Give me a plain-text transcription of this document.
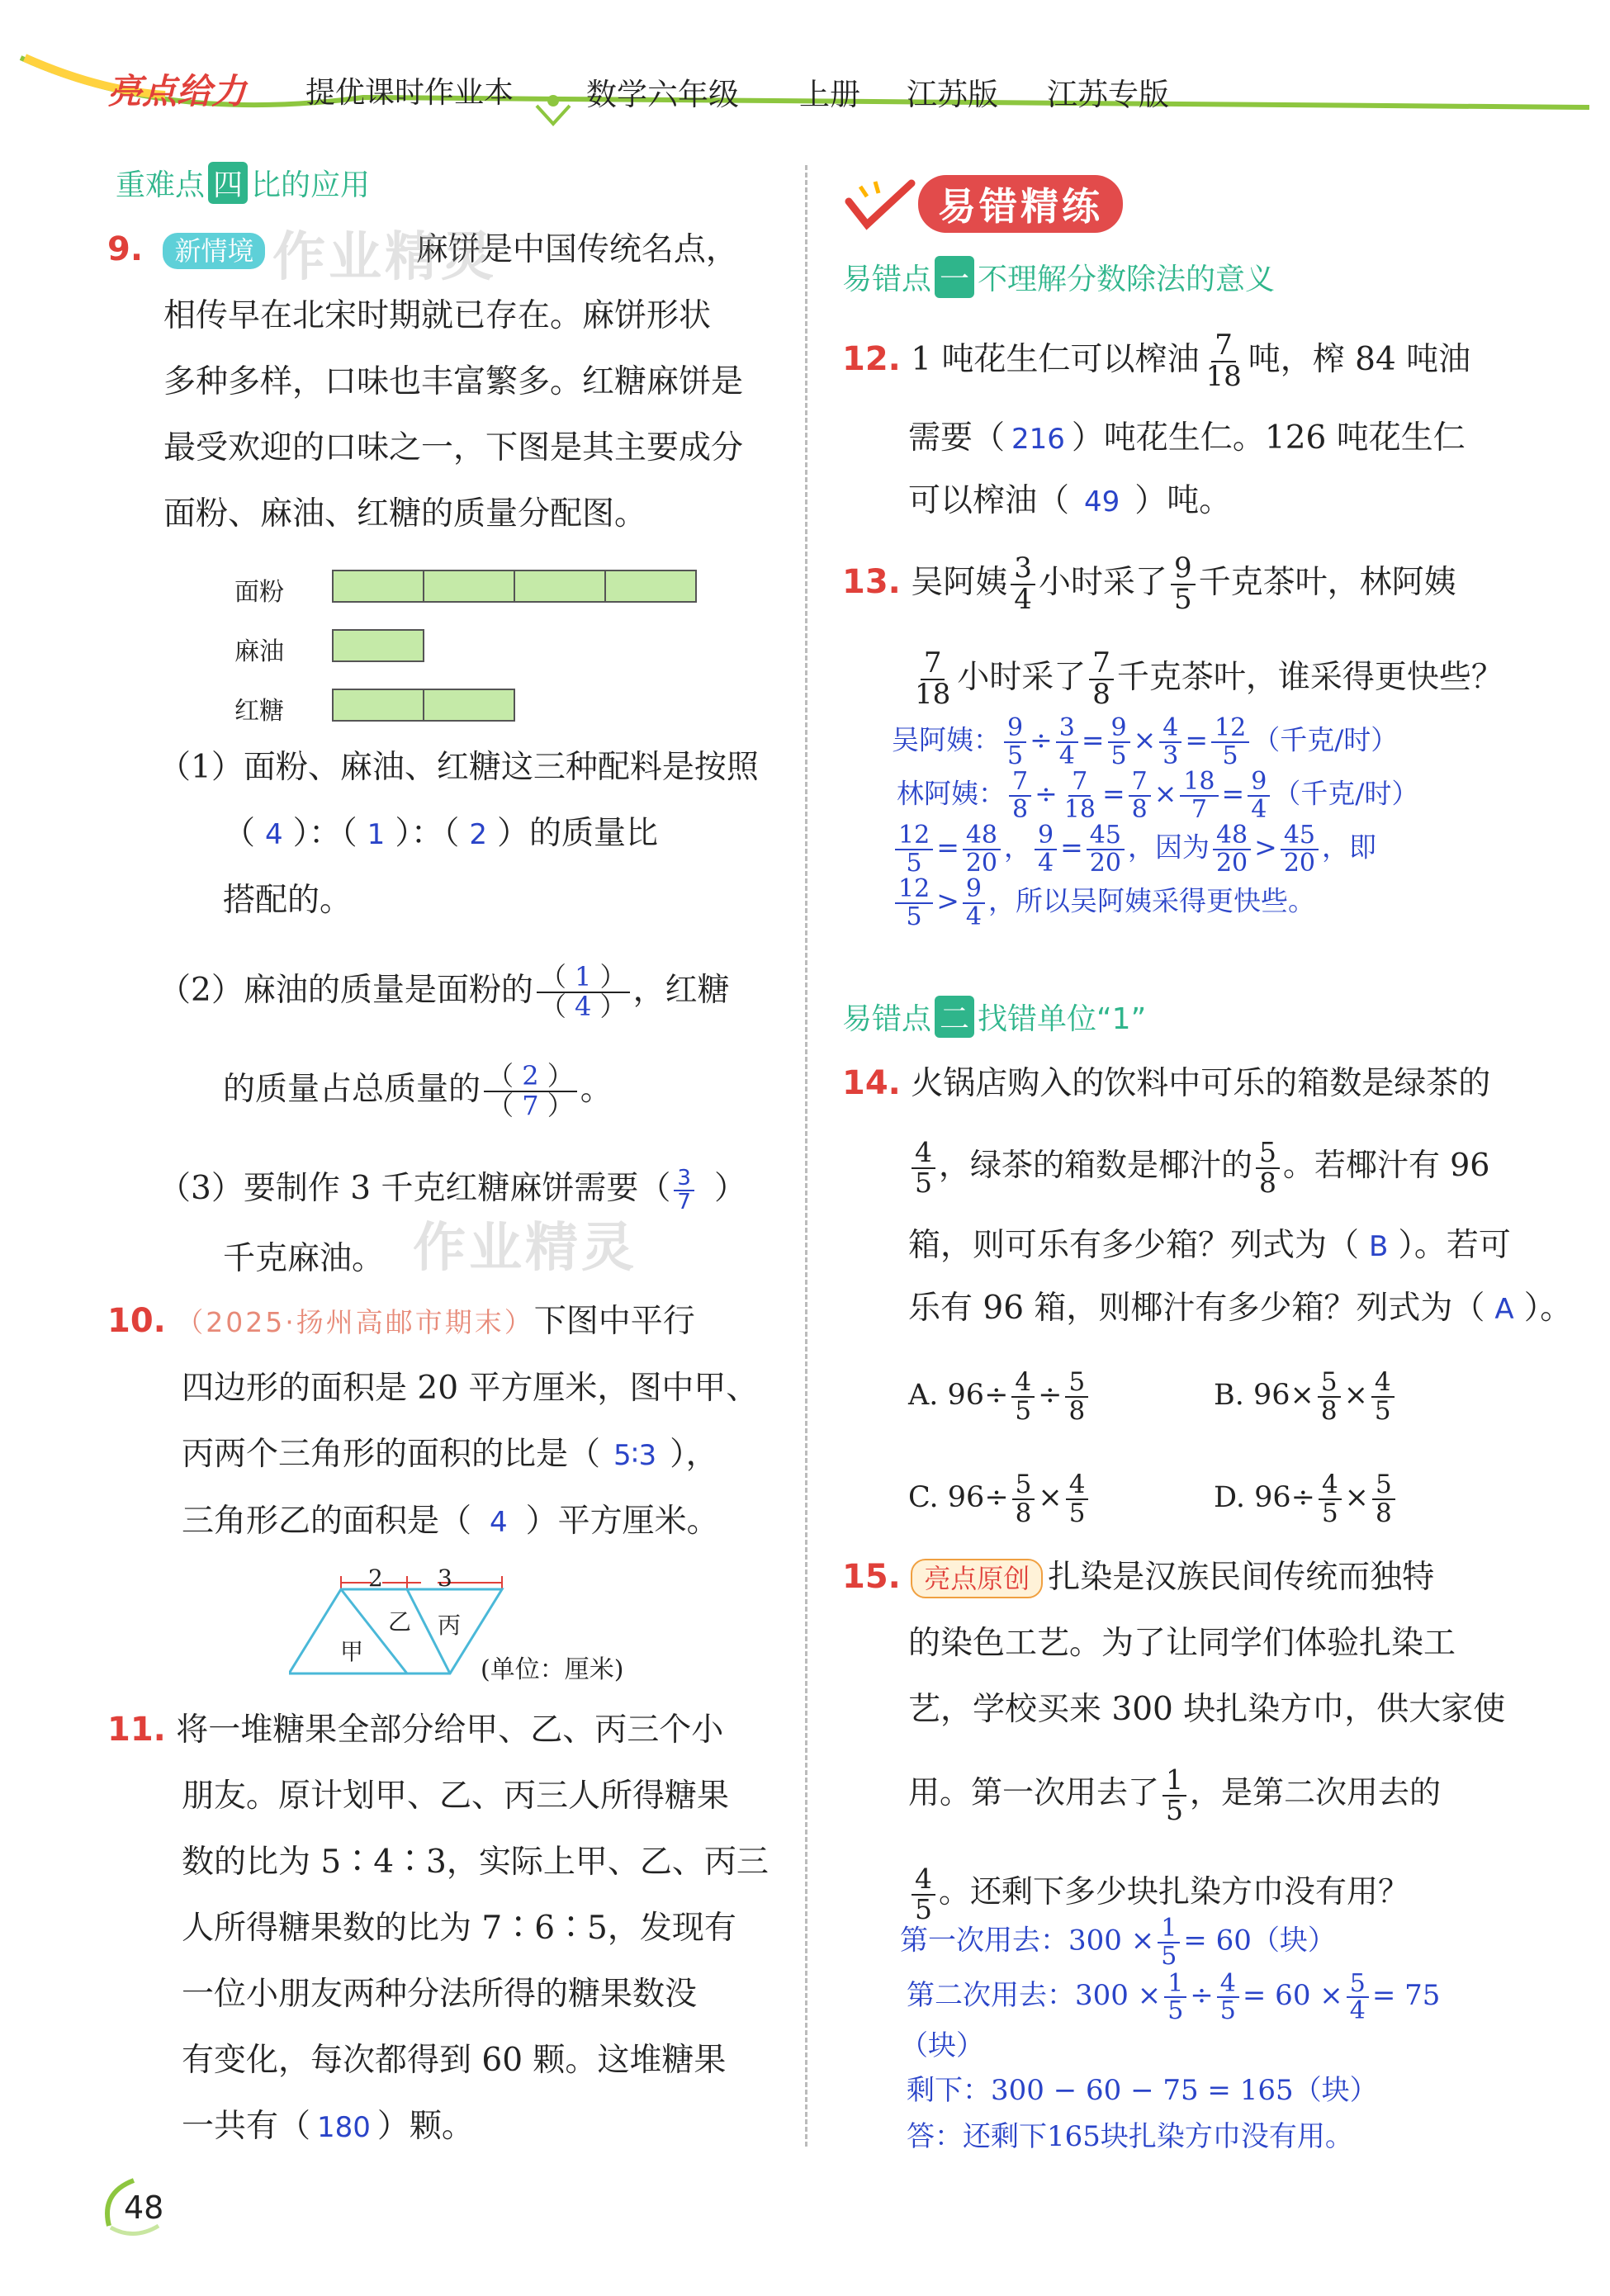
亮点给力 提优课时作业本 数学六年级 上册 江苏版 江苏专版
重难点 四 比的应用
9. 新情境	麻饼是中国传统名点，
相传早在北宋时期就已存在。麻饼形状
多种多样，口味也丰富繁多。红糖麻饼是
最受欢迎的口味之一，下图是其主要成分
面粉、麻油、红糖的质量分配图。
面粉
麻油
红糖
（1）面粉、麻油、红糖这三种配料是按照
（ 4 ）：（ 1 ）：（ 2 ）的质量比
搭配的。
（2）麻油的质量是面粉的 $\frac{( 1 )}{( 4 )}$ ，红糖
的质量占总质量的 $\frac{( 2 )}{( 7 )}$ 。
（3）要制作 3 千克红糖麻饼需要（ $\frac{3}{7}$ ）
千克麻油。
10. （2025·扬州高邮市期末）下图中平行
四边形的面积是 20 平方厘米，图中甲、
丙两个三角形的面积的比是（ 5∶3 ），
三角形乙的面积是（ 4 ）平方厘米。
2 3
甲
乙 丙
(单位：厘米)
11. 将一堆糖果全部分给甲、乙、丙三个小
朋友。原计划甲、乙、丙三人所得糖果
数的比为 5∶4∶3，实际上甲、乙、丙三
人所得糖果数的比为 7∶6∶5，发现有
一位小朋友两种分法所得的糖果数没
有变化，每次都得到 60 颗。这堆糖果
一共有（ 180 ）颗。
48
作业精灵
作业精灵
易错精练
易错点 一 不理解分数除法的意义
12. 1 吨花生仁可以榨油 $\frac{7}{18}$ 吨，榨 84 吨油
需要（ 216 ）吨花生仁。126 吨花生仁
可以榨油（ 49 ）吨。
13. 吴阿姨 $\frac{3}{4}$ 小时采了 $\frac{9}{5}$ 千克茶叶，林阿姨
$\frac{7}{18}$ 小时采了 $\frac{7}{8}$ 千克茶叶，谁采得更快些？
吴阿姨： $\frac{9}{5} \div \frac{3}{4} = \frac{9}{5} \times \frac{4}{3} = \frac{12}{5}$ （千克/时）
林阿姨： $\frac{7}{8} \div \frac{7}{18} = \frac{7}{8} \times \frac{18}{7} = \frac{9}{4}$ （千克/时）
$\frac{12}{5} = \frac{48}{20}$ ， $\frac{9}{4} = \frac{45}{20}$ ，因为 $\frac{48}{20} > \frac{45}{20}$ ，即
$\frac{12}{5} > \frac{9}{4}$ ，所以吴阿姨采得更快些。
易错点 二 找错单位“1”
14. 火锅店购入的饮料中可乐的箱数是绿茶的
$\frac{4}{5}$ ，绿茶的箱数是椰汁的 $\frac{5}{8}$ 。若椰汁有 96
箱，则可乐有多少箱？列式为（ B ）。若可
乐有 96 箱，则椰汁有多少箱？列式为（ A ）。
A. $96\div \frac{4}{5} \div \frac{5}{8}$	B. $96\times \frac{5}{8} \times \frac{4}{5}$
C. $96\div \frac{5}{8} \times \frac{4}{5}$	D. $96\div \frac{4}{5} \times \frac{5}{8}$
15. 亮点原创 扎染是汉族民间传统而独特
的染色工艺。为了让同学们体验扎染工
艺，学校买来 300 块扎染方巾，供大家使
用。第一次用去了 $\frac{1}{5}$ ，是第二次用去的
$\frac{4}{5}$ 。还剩下多少块扎染方巾没有用？
第一次用去：$300 \times \frac{1}{5} = 60$（块）
第二次用去：$300 \times \frac{1}{5} \div \frac{4}{5} = 60 \times \frac{5}{4} = 75$
（块）
剩下：300 − 60 − 75 = 165（块）
答：还剩下165块扎染方巾没有用。
